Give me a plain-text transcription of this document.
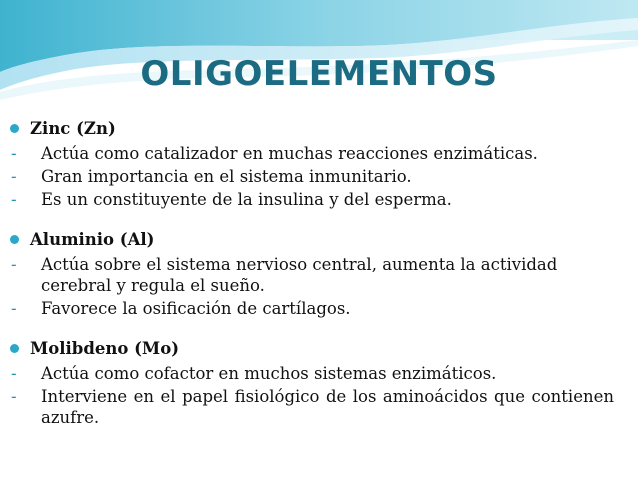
OLIGOELEMENTOS
Zinc (Zn)
- Actúa como catalizador en muchas reacciones enzimáticas.
- Gran importancia en el sistema inmunitario.
- Es un constituyente de la insulina y del esperma.
Aluminio (Al)
- Actúa sobre el sistema nervioso central, aumenta la actividad cerebral y regula el sueño.
- Favorece la osificación de cartílagos.
Molibdeno (Mo)
- Actúa como cofactor en muchos sistemas enzimáticos.
- Interviene en el papel fisiológico de los aminoácidos que contienen azufre.
